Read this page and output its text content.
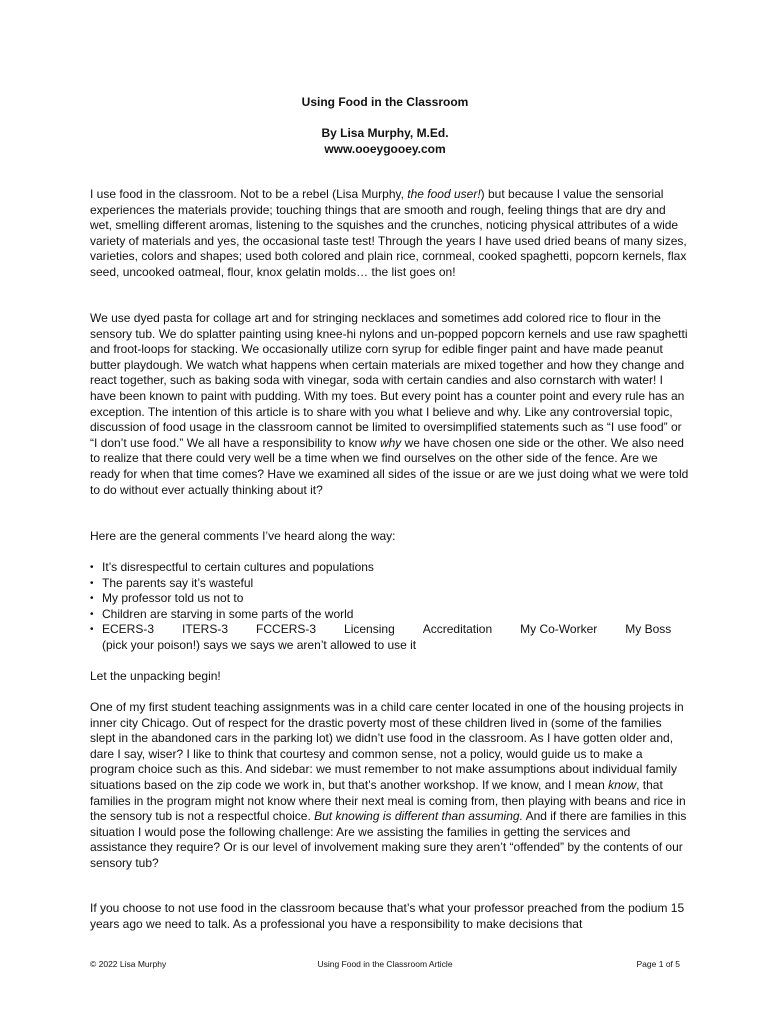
Using Food in the Classroom
By Lisa Murphy, M.Ed.
www.ooeygooey.com

I use food in the classroom. Not to be a rebel (Lisa Murphy, the food user!) but because I value the sensorial experiences the materials provide; touching things that are smooth and rough, feeling things that are dry and wet, smelling different aromas, listening to the squishes and the crunches, noticing physical attributes of a wide variety of materials and yes, the occasional taste test! Through the years I have used dried beans of many sizes, varieties, colors and shapes; used both colored and plain rice, cornmeal, cooked spaghetti, popcorn kernels, flax seed, uncooked oatmeal, flour, knox gelatin molds… the list goes on!

We use dyed pasta for collage art and for stringing necklaces and sometimes add colored rice to flour in the sensory tub. We do splatter painting using knee-hi nylons and un-popped popcorn kernels and use raw spaghetti and froot-loops for stacking. We occasionally utilize corn syrup for edible finger paint and have made peanut butter playdough. We watch what happens when certain materials are mixed together and how they change and react together, such as baking soda with vinegar, soda with certain candies and also cornstarch with water! I have been known to paint with pudding. With my toes. But every point has a counter point and every rule has an exception. The intention of this article is to share with you what I believe and why. Like any controversial topic, discussion of food usage in the classroom cannot be limited to oversimplified statements such as “I use food” or “I don’t use food.” We all have a responsibility to know why we have chosen one side or the other. We also need to realize that there could very well be a time when we find ourselves on the other side of the fence. Are we ready for when that time comes? Have we examined all sides of the issue or are we just doing what we were told to do without ever actually thinking about it?

Here are the general comments I’ve heard along the way:
• It’s disrespectful to certain cultures and populations
• The parents say it’s wasteful
• My professor told us not to
• Children are starving in some parts of the world
• ECERS-3 ITERS-3 FCCERS-3 Licensing Accreditation My Co-Worker My Boss
(pick your poison!) says we says we aren’t allowed to use it
Let the unpacking begin!

One of my first student teaching assignments was in a child care center located in one of the housing projects in inner city Chicago. Out of respect for the drastic poverty most of these children lived in (some of the families slept in the abandoned cars in the parking lot) we didn’t use food in the classroom. As I have gotten older and, dare I say, wiser? I like to think that courtesy and common sense, not a policy, would guide us to make a program choice such as this. And sidebar: we must remember to not make assumptions about individual family situations based on the zip code we work in, but that’s another workshop. If we know, and I mean know, that families in the program might not know where their next meal is coming from, then playing with beans and rice in the sensory tub is not a respectful choice. But knowing is different than assuming. And if there are families in this situation I would pose the following challenge: Are we assisting the families in getting the services and assistance they require? Or is our level of involvement making sure they aren’t “offended” by the contents of our sensory tub?

If you choose to not use food in the classroom because that’s what your professor preached from the podium 15 years ago we need to talk. As a professional you have a responsibility to make decisions that
© 2022 Lisa Murphy	Using Food in the Classroom Article	Page 1 of 5
